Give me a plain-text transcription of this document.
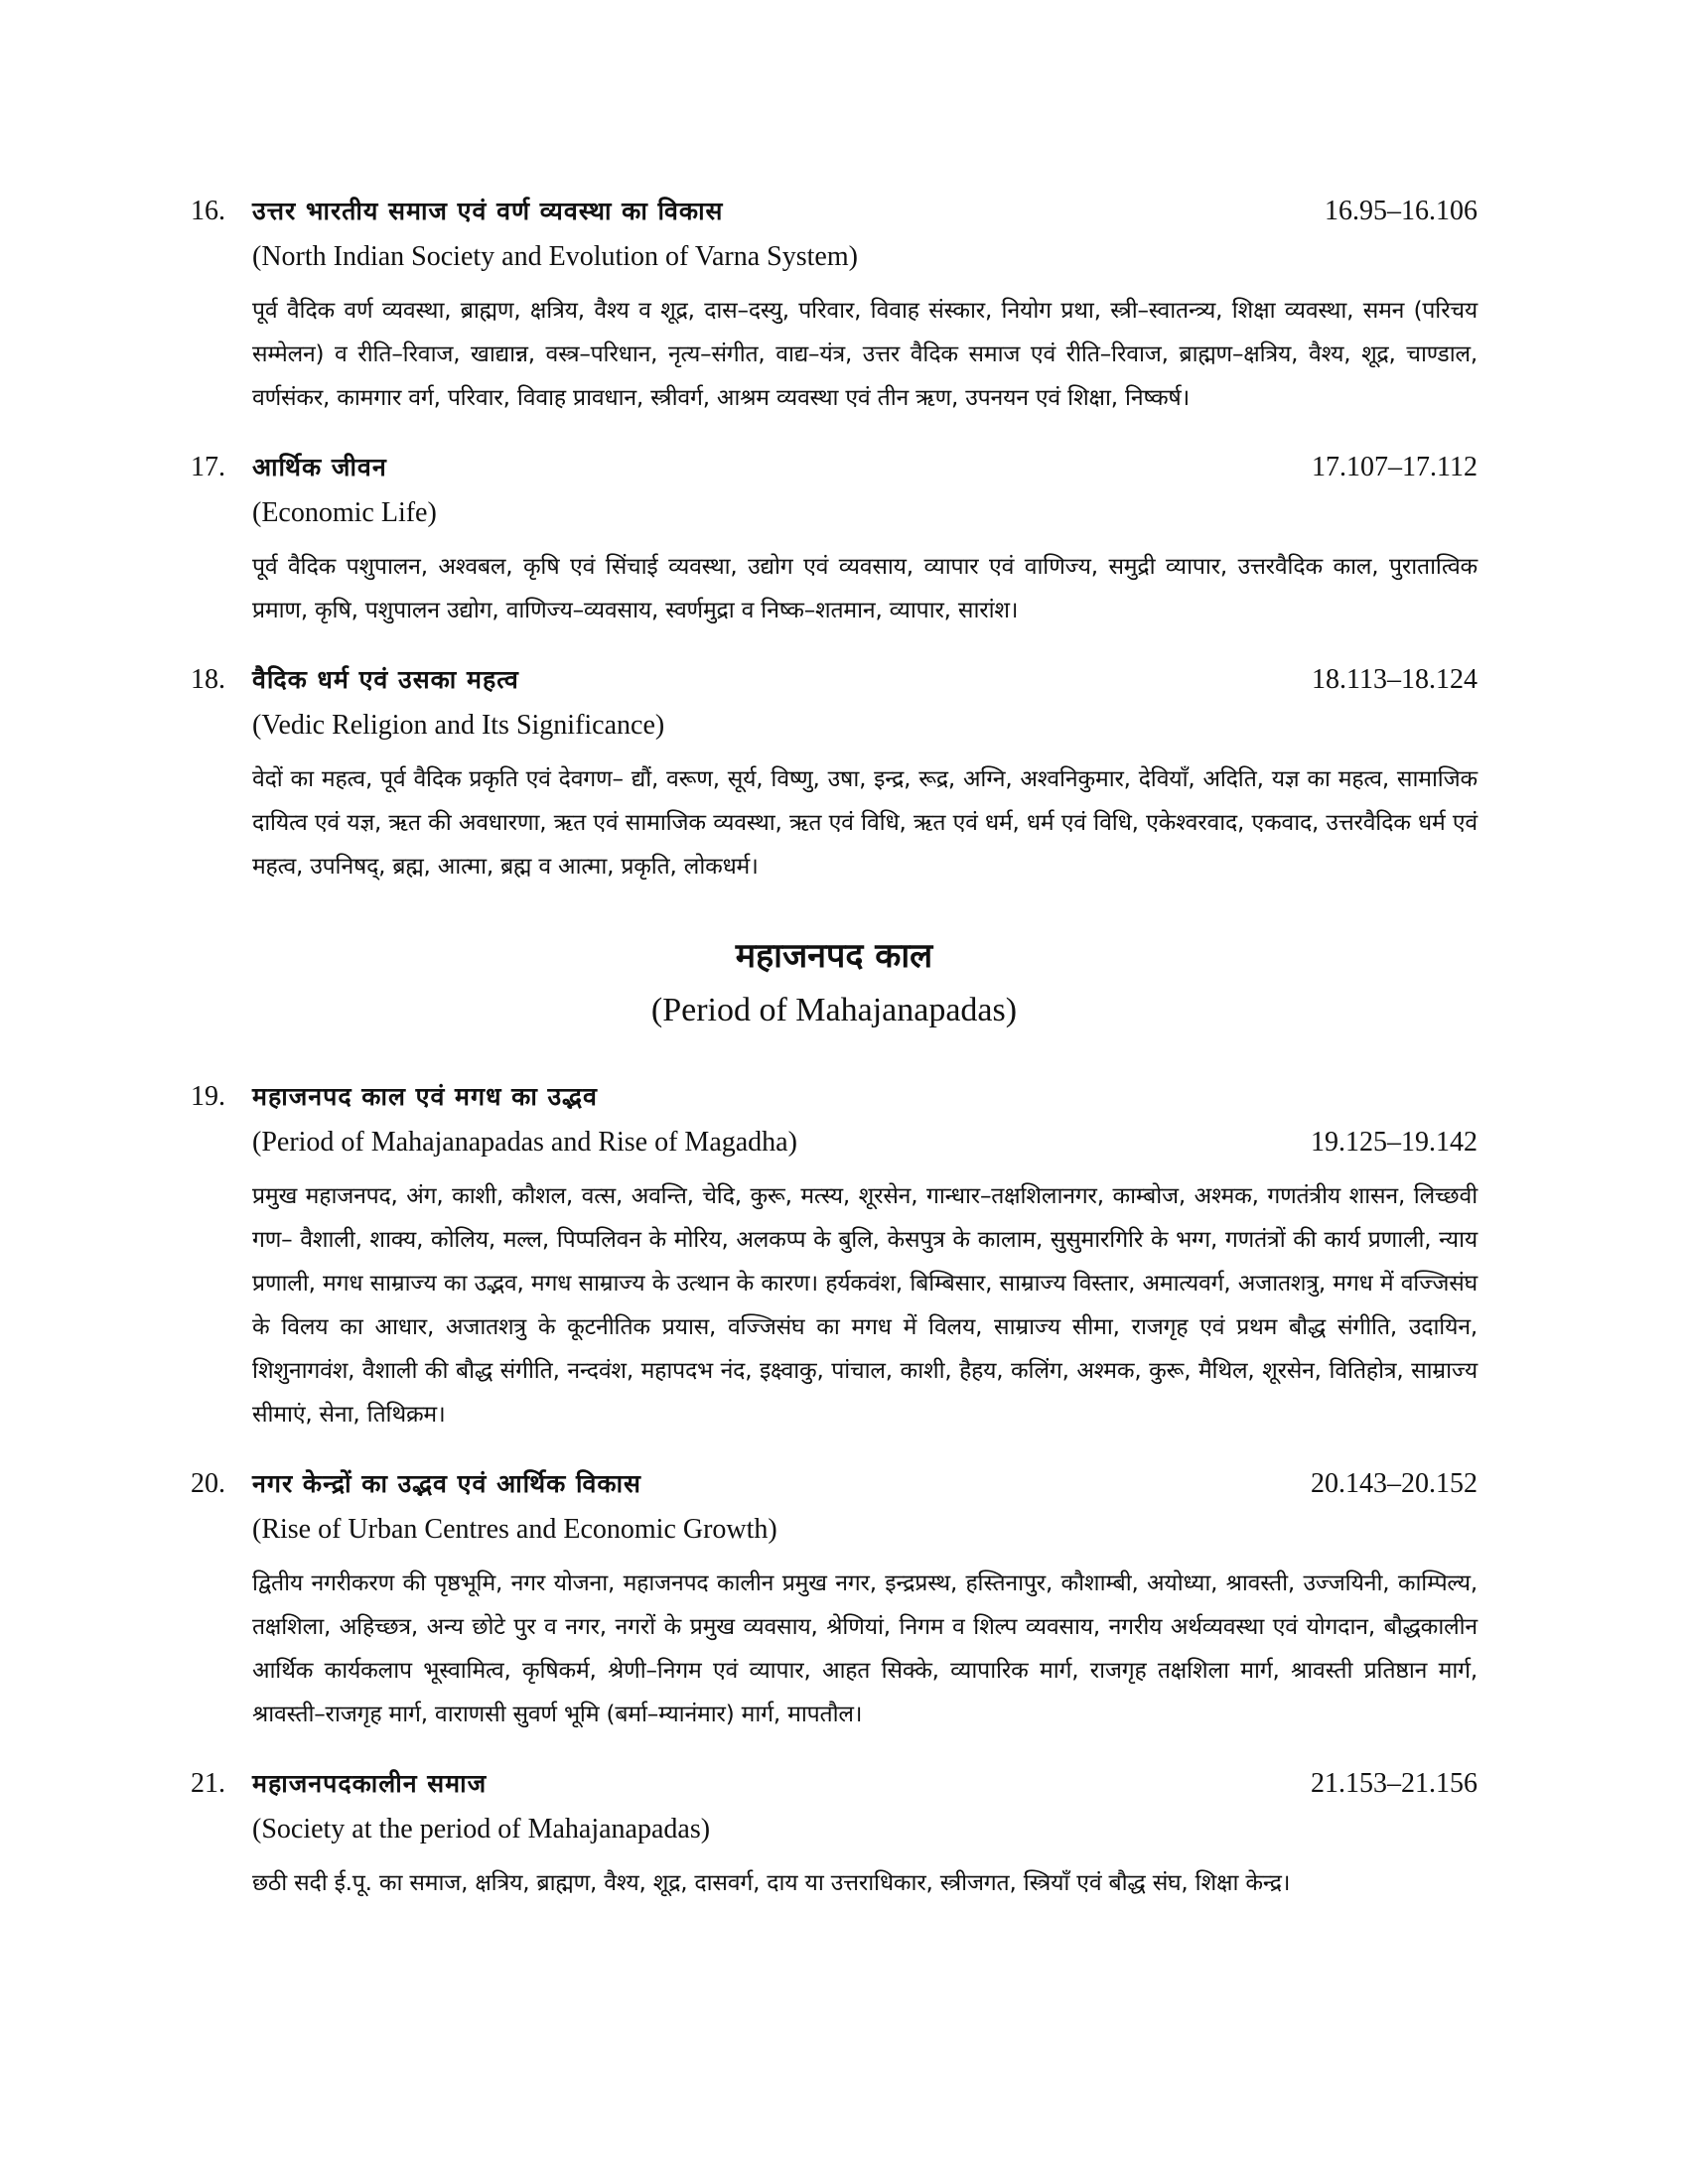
16.	उत्तर भारतीय समाज एवं वर्ण व्यवस्था का विकास	16.95–16.106
(North Indian Society and Evolution of Varna System)
पूर्व वैदिक वर्ण व्यवस्था, ब्राह्मण, क्षत्रिय, वैश्य व शूद्र, दास–दस्यु, परिवार, विवाह संस्कार, नियोग प्रथा, स्त्री–स्वातन्त्र्य, शिक्षा व्यवस्था, समन (परिचय सम्मेलन) व रीति–रिवाज, खाद्यान्न, वस्त्र–परिधान, नृत्य–संगीत, वाद्य–यंत्र, उत्तर वैदिक समाज एवं रीति–रिवाज, ब्राह्मण–क्षत्रिय, वैश्य, शूद्र, चाण्डाल, वर्णसंकर, कामगार वर्ग, परिवार, विवाह प्रावधान, स्त्रीवर्ग, आश्रम व्यवस्था एवं तीन ऋण, उपनयन एवं शिक्षा, निष्कर्ष।
17.	आर्थिक जीवन	17.107–17.112
(Economic Life)
पूर्व वैदिक पशुपालन, अश्वबल, कृषि एवं सिंचाई व्यवस्था, उद्योग एवं व्यवसाय, व्यापार एवं वाणिज्य, समुद्री व्यापार, उत्तरवैदिक काल, पुरातात्विक प्रमाण, कृषि, पशुपालन उद्योग, वाणिज्य–व्यवसाय, स्वर्णमुद्रा व निष्क–शतमान, व्यापार, सारांश।
18.	वैदिक धर्म एवं उसका महत्व	18.113–18.124
(Vedic Religion and Its Significance)
वेदों का महत्व, पूर्व वैदिक प्रकृति एवं देवगण– द्यौं, वरूण, सूर्य, विष्णु, उषा, इन्द्र, रूद्र, अग्नि, अश्वनिकुमार, देवियाँ, अदिति, यज्ञ का महत्व, सामाजिक दायित्व एवं यज्ञ, ऋत की अवधारणा, ऋत एवं सामाजिक व्यवस्था, ऋत एवं विधि, ऋत एवं धर्म, धर्म एवं विधि, एकेश्वरवाद, एकवाद, उत्तरवैदिक धर्म एवं महत्व, उपनिषद्, ब्रह्म, आत्मा, ब्रह्म व आत्मा, प्रकृति, लोकधर्म।
महाजनपद काल
(Period of Mahajanapadas)
19.	महाजनपद काल एवं मगध का उद्भव
(Period of Mahajanapadas and Rise of Magadha)	19.125–19.142
प्रमुख महाजनपद, अंग, काशी, कौशल, वत्स, अवन्ति, चेदि, कुरू, मत्स्य, शूरसेन, गान्धार–तक्षशिलानगर, काम्बोज, अश्मक, गणतंत्रीय शासन, लिच्छवी गण– वैशाली, शाक्य, कोलिय, मल्ल, पिप्पलिवन के मोरिय, अलकप्प के बुलि, केसपुत्र के कालाम, सुसुमारगिरि के भग्ग, गणतंत्रों की कार्य प्रणाली, न्याय प्रणाली, मगध साम्राज्य का उद्भव, मगध साम्राज्य के उत्थान के कारण। हर्यकवंश, बिम्बिसार, साम्राज्य विस्तार, अमात्यवर्ग, अजातशत्रु, मगध में वज्जिसंघ के विलय का आधार, अजातशत्रु के कूटनीतिक प्रयास, वज्जिसंघ का मगध में विलय, साम्राज्य सीमा, राजगृह एवं प्रथम बौद्ध संगीति, उदायिन, शिशुनागवंश, वैशाली की बौद्ध संगीति, नन्दवंश, महापदभ नंद, इक्ष्वाकु, पांचाल, काशी, हैहय, कलिंग, अश्मक, कुरू, मैथिल, शूरसेन, वितिहोत्र, साम्राज्य सीमाएं, सेना, तिथिक्रम।
20.	नगर केन्द्रों का उद्भव एवं आर्थिक विकास	20.143–20.152
(Rise of Urban Centres and Economic Growth)
द्वितीय नगरीकरण की पृष्ठभूमि, नगर योजना, महाजनपद कालीन प्रमुख नगर, इन्द्रप्रस्थ, हस्तिनापुर, कौशाम्बी, अयोध्या, श्रावस्ती, उज्जयिनी, काम्पिल्य, तक्षशिला, अहिच्छत्र, अन्य छोटे पुर व नगर, नगरों के प्रमुख व्यवसाय, श्रेणियां, निगम व शिल्प व्यवसाय, नगरीय अर्थव्यवस्था एवं योगदान, बौद्धकालीन आर्थिक कार्यकलाप भूस्वामित्व, कृषिकर्म, श्रेणी–निगम एवं व्यापार, आहत सिक्के, व्यापारिक मार्ग, राजगृह तक्षशिला मार्ग, श्रावस्ती प्रतिष्ठान मार्ग, श्रावस्ती–राजगृह मार्ग, वाराणसी सुवर्ण भूमि (बर्मा–म्यानंमार) मार्ग, मापतौल।
21.	महाजनपदकालीन समाज	21.153–21.156
(Society at the period of Mahajanapadas)
छठी सदी ई.पू. का समाज, क्षत्रिय, ब्राह्मण, वैश्य, शूद्र, दासवर्ग, दाय या उत्तराधिकार, स्त्रीजगत, स्त्रियाँ एवं बौद्ध संघ, शिक्षा केन्द्र।
